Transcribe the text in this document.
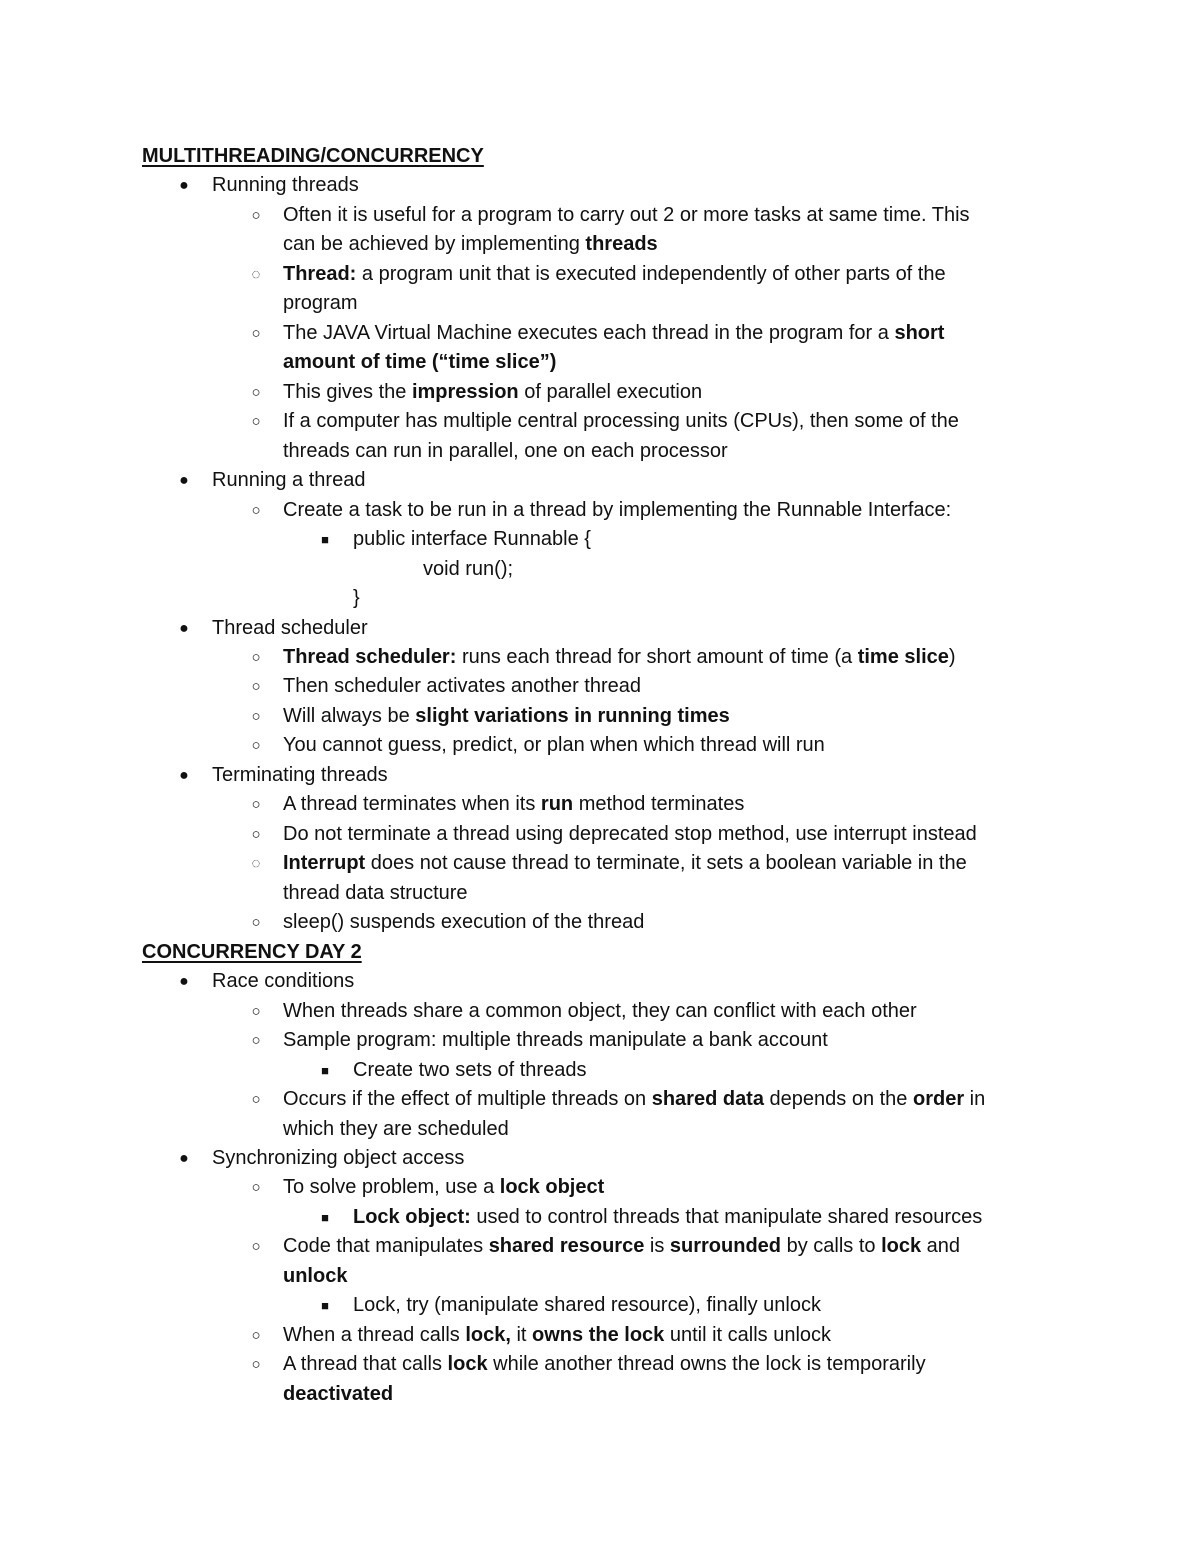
MULTITHREADING/CONCURRENCY
●	Running threads
○	Often it is useful for a program to carry out 2 or more tasks at same time. This
can be achieved by implementing threads
◌	Thread: a program unit that is executed independently of other parts of the
program
○	The JAVA Virtual Machine executes each thread in the program for a short
amount of time (“time slice”)
○	This gives the impression of parallel execution
○	If a computer has multiple central processing units (CPUs), then some of the
threads can run in parallel, one on each processor
●	Running a thread
○	Create a task to be run in a thread by implementing the Runnable Interface:
■	public interface Runnable {
void run();
}
●	Thread scheduler
○	Thread scheduler: runs each thread for short amount of time (a time slice)
○	Then scheduler activates another thread
○	Will always be slight variations in running times
○	You cannot guess, predict, or plan when which thread will run
●	Terminating threads
○	A thread terminates when its run method terminates
○	Do not terminate a thread using deprecated stop method, use interrupt instead
◌	Interrupt does not cause thread to terminate, it sets a boolean variable in the
thread data structure
○	sleep() suspends execution of the thread
CONCURRENCY DAY 2
●	Race conditions
○	When threads share a common object, they can conflict with each other
○	Sample program: multiple threads manipulate a bank account
■	Create two sets of threads
○	Occurs if the effect of multiple threads on shared data depends on the order in
which they are scheduled
●	Synchronizing object access
○	To solve problem, use a lock object
■	Lock object: used to control threads that manipulate shared resources
○	Code that manipulates shared resource is surrounded by calls to lock and
unlock
■	Lock, try (manipulate shared resource), finally unlock
○	When a thread calls lock, it owns the lock until it calls unlock
○	A thread that calls lock while another thread owns the lock is temporarily
deactivated
